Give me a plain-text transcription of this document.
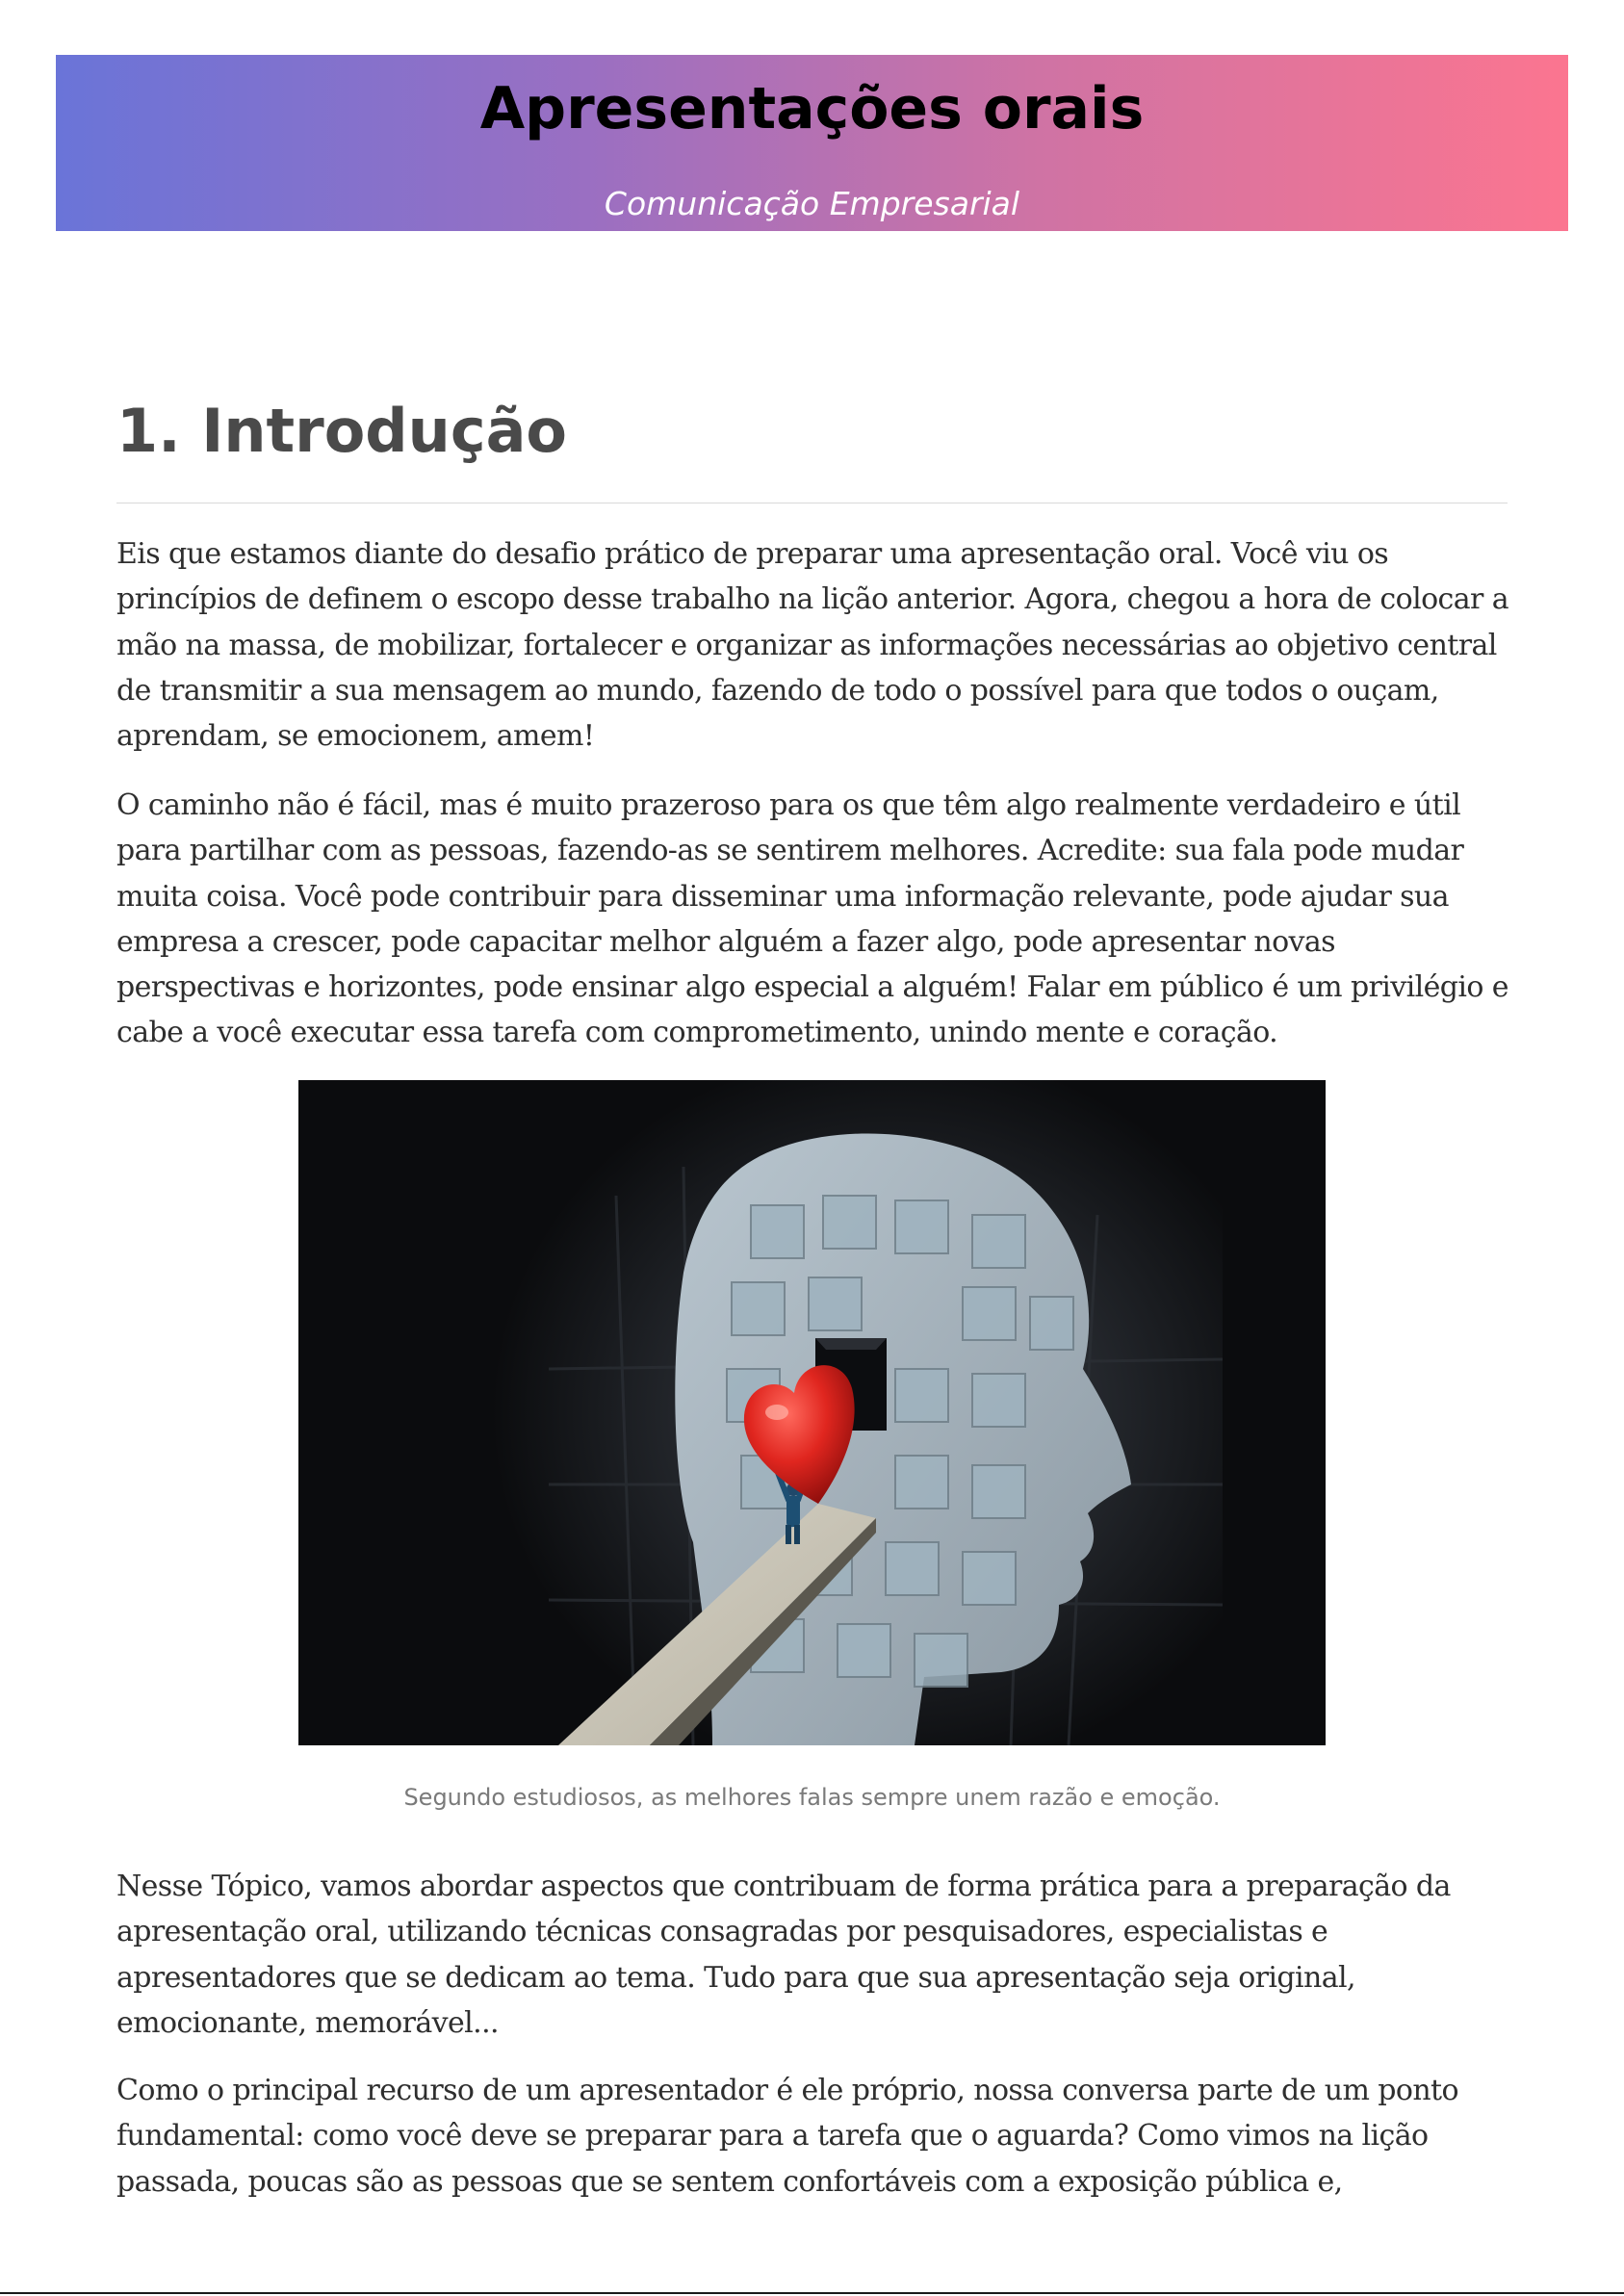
Apresentações orais

Comunicação Empresarial

1. Introdução

Eis que estamos diante do desafio prático de preparar uma apresentação oral. Você viu os princípios de definem o escopo desse trabalho na lição anterior. Agora, chegou a hora de colocar a mão na massa, de mobilizar, fortalecer e organizar as informações necessárias ao objetivo central de transmitir a sua mensagem ao mundo, fazendo de todo o possível para que todos o ouçam, aprendam, se emocionem, amem!

O caminho não é fácil, mas é muito prazeroso para os que têm algo realmente verdadeiro e útil para partilhar com as pessoas, fazendo-as se sentirem melhores. Acredite: sua fala pode mudar muita coisa. Você pode contribuir para disseminar uma informação relevante, pode ajudar sua empresa a crescer, pode capacitar melhor alguém a fazer algo, pode apresentar novas perspectivas e horizontes, pode ensinar algo especial a alguém! Falar em público é um privilégio e cabe a você executar essa tarefa com comprometimento, unindo mente e coração.

Segundo estudiosos, as melhores falas sempre unem razão e emoção.

Nesse Tópico, vamos abordar aspectos que contribuam de forma prática para a preparação da apresentação oral, utilizando técnicas consagradas por pesquisadores, especialistas e apresentadores que se dedicam ao tema. Tudo para que sua apresentação seja original, emocionante, memorável...

Como o principal recurso de um apresentador é ele próprio, nossa conversa parte de um ponto fundamental: como você deve se preparar para a tarefa que o aguarda? Como vimos na lição passada, poucas são as pessoas que se sentem confortáveis com a exposição pública e,
